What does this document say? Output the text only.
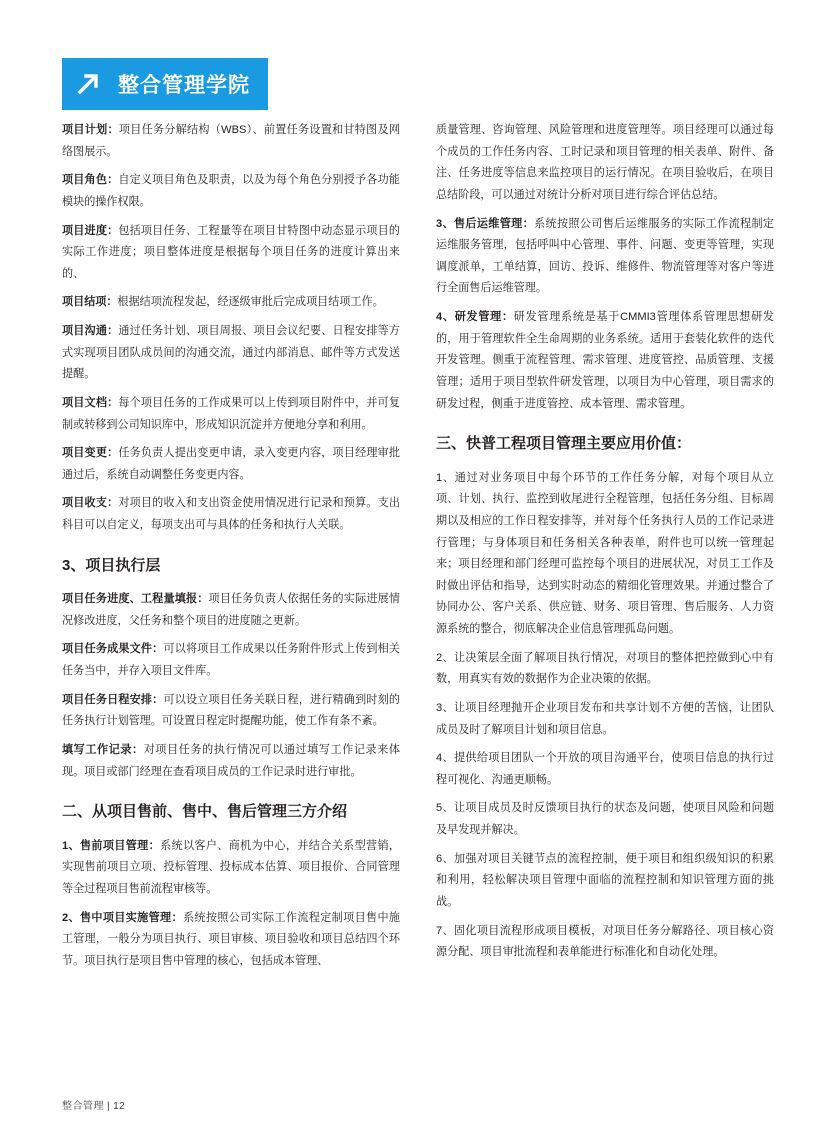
整合管理学院

项目计划：项目任务分解结构（WBS）、前置任务设置和甘特图及网络图展示。

项目角色：自定义项目角色及职责，以及为每个角色分别授予各功能模块的操作权限。

项目进度：包括项目任务、工程量等在项目甘特图中动态显示项目的实际工作进度；项目整体进度是根据每个项目任务的进度计算出来的、

项目结项：根据结项流程发起，经逐级审批后完成项目结项工作。

项目沟通：通过任务计划、项目周报、项目会议纪要、日程安排等方式实现项目团队成员间的沟通交流，通过内部消息、邮件等方式发送提醒。

项目文档：每个项目任务的工作成果可以上传到项目附件中，并可复制或转移到公司知识库中，形成知识沉淀并方便地分享和利用。

项目变更：任务负责人提出变更申请，录入变更内容，项目经理审批通过后，系统自动调整任务变更内容。

项目收支：对项目的收入和支出资金使用情况进行记录和预算。支出科目可以自定义，每项支出可与具体的任务和执行人关联。

3、项目执行层

项目任务进度、工程量填报：项目任务负责人依据任务的实际进展情况修改进度，父任务和整个项目的进度随之更新。

项目任务成果文件：可以将项目工作成果以任务附件形式上传到相关任务当中，并存入项目文件库。

项目任务日程安排：可以设立项目任务关联日程，进行精确到时刻的任务执行计划管理。可设置日程定时提醒功能，使工作有条不紊。

填写工作记录：对项目任务的执行情况可以通过填写工作记录来体现。项目或部门经理在查看项目成员的工作记录时进行审批。

二、从项目售前、售中、售后管理三方介绍

1、售前项目管理：系统以客户、商机为中心，并结合关系型营销，实现售前项目立项、投标管理、投标成本估算、项目报价、合同管理等全过程项目售前流程审核等。

2、售中项目实施管理：系统按照公司实际工作流程定制项目售中施工管理，一般分为项目执行、项目审核、项目验收和项目总结四个环节。项目执行是项目售中管理的核心，包括成本管理、

质量管理、咨询管理、风险管理和进度管理等。项目经理可以通过每个成员的工作任务内容、工时记录和项目管理的相关表单、附件、备注、任务进度等信息来监控项目的运行情况。在项目验收后，在项目总结阶段，可以通过对统计分析对项目进行综合评估总结。

3、售后运维管理：系统按照公司售后运维服务的实际工作流程制定运维服务管理，包括呼叫中心管理、事件、问题、变更等管理，实现调度派单，工单结算，回访、投诉、维修件、物流管理等对客户等进行全面售后运维管理。

4、研发管理：研发管理系统是基于CMMI3管理体系管理思想研发的，用于管理软件全生命周期的业务系统。适用于套装化软件的迭代开发管理。侧重于流程管理、需求管理、进度管控、品质管理、支援管理；适用于项目型软件研发管理，以项目为中心管理，项目需求的研发过程，侧重于进度管控、成本管理、需求管理。

三、快普工程项目管理主要应用价值：

1、通过对业务项目中每个环节的工作任务分解，对每个项目从立项、计划、执行、监控到收尾进行全程管理，包括任务分组、目标周期以及相应的工作日程安排等，并对每个任务执行人员的工作记录进行管理；与身体项目和任务相关各种表单，附件也可以统一管理起来；项目经理和部门经理可监控每个项目的进展状况，对员工工作及时做出评估和指导，达到实时动态的精细化管理效果。并通过整合了协同办公、客户关系、供应链、财务、项目管理、售后服务、人力资源系统的整合，彻底解决企业信息管理孤岛问题。

2、让决策层全面了解项目执行情况，对项目的整体把控做到心中有数，用真实有效的数据作为企业决策的依据。

3、让项目经理抛开企业项目发布和共享计划不方便的苦恼，让团队成员及时了解项目计划和项目信息。

4、提供给项目团队一个开放的项目沟通平台，使项目信息的执行过程可视化、沟通更顺畅。

5、让项目成员及时反馈项目执行的状态及问题，使项目风险和问题及早发现并解决。

6、加强对项目关键节点的流程控制，便于项目和组织级知识的积累和利用，轻松解决项目管理中面临的流程控制和知识管理方面的挑战。

7、固化项目流程形成项目模板，对项目任务分解路径、项目核心资源分配、项目审批流程和表单能进行标准化和自动化处理。

整合管理 | 12
